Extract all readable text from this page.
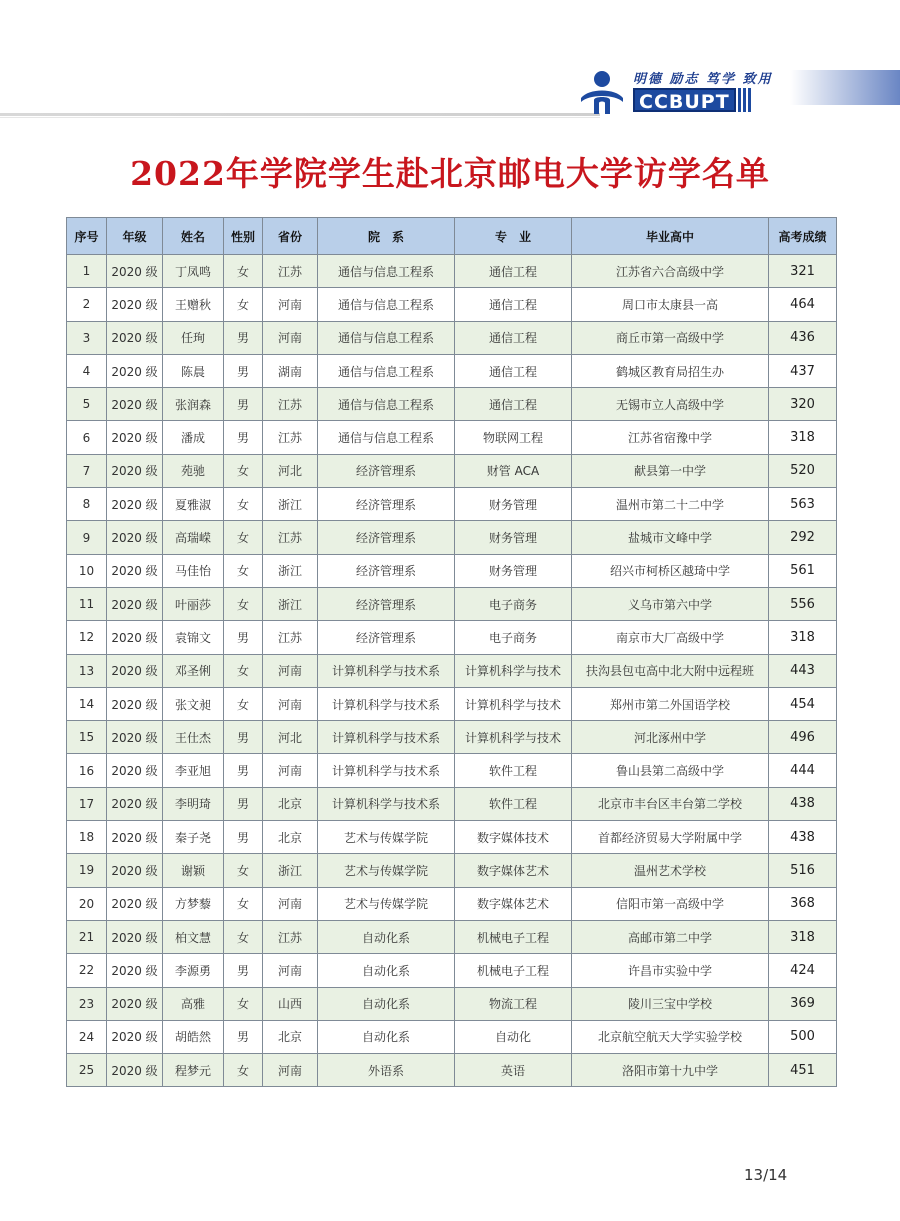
明德 励志 笃学 致用
CCBUPT
2022年学院学生赴北京邮电大学访学名单
序号	年级	姓名	性别	省份	院　系	专　业	毕业高中	高考成绩
1	2020 级	丁凤鸣	女	江苏	通信与信息工程系	通信工程	江苏省六合高级中学	321
2	2020 级	王赠秋	女	河南	通信与信息工程系	通信工程	周口市太康县一高	464
3	2020 级	任珣	男	河南	通信与信息工程系	通信工程	商丘市第一高级中学	436
4	2020 级	陈晨	男	湖南	通信与信息工程系	通信工程	鹤城区教育局招生办	437
5	2020 级	张润森	男	江苏	通信与信息工程系	通信工程	无锡市立人高级中学	320
6	2020 级	潘成	男	江苏	通信与信息工程系	物联网工程	江苏省宿豫中学	318
7	2020 级	苑驰	女	河北	经济管理系	财管 ACA	献县第一中学	520
8	2020 级	夏雅淑	女	浙江	经济管理系	财务管理	温州市第二十二中学	563
9	2020 级	高瑞嵘	女	江苏	经济管理系	财务管理	盐城市文峰中学	292
10	2020 级	马佳怡	女	浙江	经济管理系	财务管理	绍兴市柯桥区越琦中学	561
11	2020 级	叶丽莎	女	浙江	经济管理系	电子商务	义乌市第六中学	556
12	2020 级	袁锦文	男	江苏	经济管理系	电子商务	南京市大厂高级中学	318
13	2020 级	邓圣俐	女	河南	计算机科学与技术系	计算机科学与技术	扶沟县包屯高中北大附中远程班	443
14	2020 级	张文昶	女	河南	计算机科学与技术系	计算机科学与技术	郑州市第二外国语学校	454
15	2020 级	王仕杰	男	河北	计算机科学与技术系	计算机科学与技术	河北涿州中学	496
16	2020 级	李亚旭	男	河南	计算机科学与技术系	软件工程	鲁山县第二高级中学	444
17	2020 级	李明琦	男	北京	计算机科学与技术系	软件工程	北京市丰台区丰台第二学校	438
18	2020 级	秦子尧	男	北京	艺术与传媒学院	数字媒体技术	首都经济贸易大学附属中学	438
19	2020 级	谢颖	女	浙江	艺术与传媒学院	数字媒体艺术	温州艺术学校	516
20	2020 级	方梦藜	女	河南	艺术与传媒学院	数字媒体艺术	信阳市第一高级中学	368
21	2020 级	柏文慧	女	江苏	自动化系	机械电子工程	高邮市第二中学	318
22	2020 级	李源勇	男	河南	自动化系	机械电子工程	许昌市实验中学	424
23	2020 级	高雅	女	山西	自动化系	物流工程	陵川三宝中学校	369
24	2020 级	胡皓然	男	北京	自动化系	自动化	北京航空航天大学实验学校	500
25	2020 级	程梦元	女	河南	外语系	英语	洛阳市第十九中学	451
13/14
